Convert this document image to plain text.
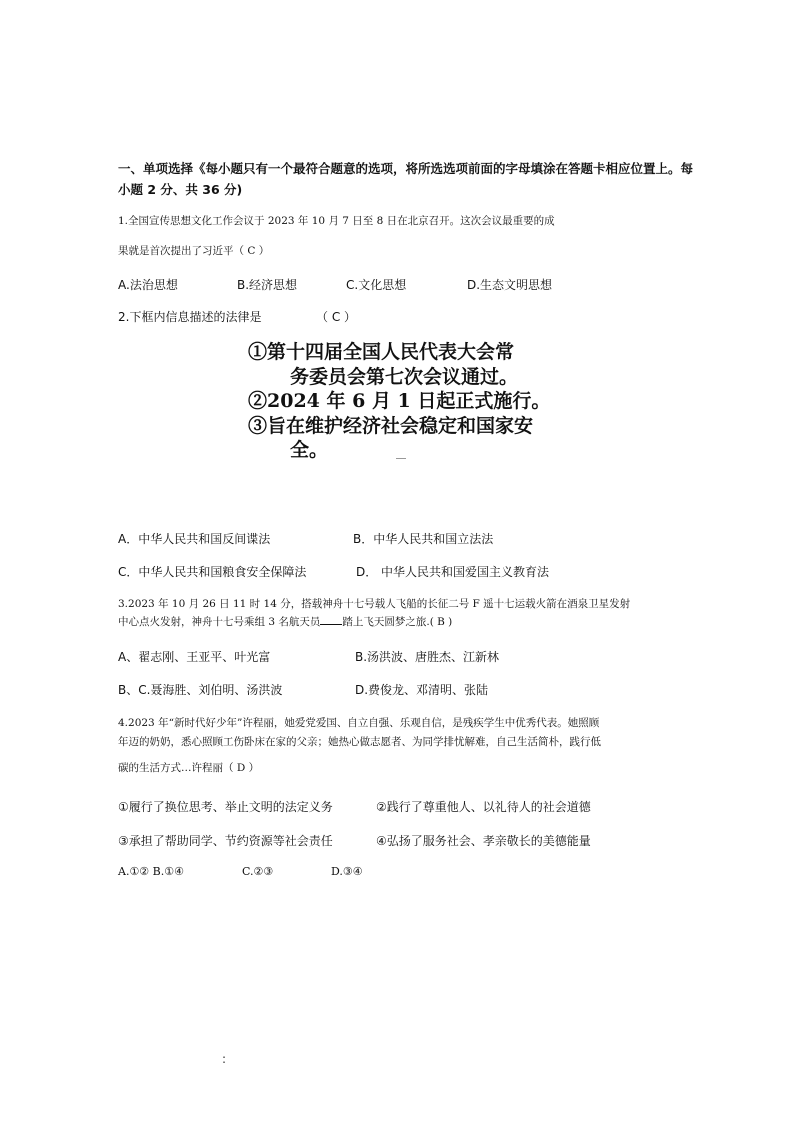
一、单项选择《每小题只有一个最符合题意的选项，将所选选项前面的字母填涂在答题卡相应位置上。每
小题 2 分、共 36 分)
1.全国宣传思想文化工作会议于 2023 年 10 月 7 日至 8 日在北京召开。这次会议最重要的成
果就是首次提出了习近平（ C ）
A.法治思想	B.经济思想	C.文化思想	D.生态文明思想
2.下框内信息描述的法律是	（ C ）
①第十四届全国人民代表大会常
务委员会第七次会议通过。
②2024 年 6 月 1 日起正式施行。
③旨在维护经济社会稳定和国家安
全。
A．中华人民共和国反间谍法	B．中华人民共和国立法法
C．中华人民共和国粮食安全保障法	D． 中华人民共和国爱国主义教育法
3.2023 年 10 月 26 日 11 时 14 分，搭载神舟十七号载人飞船的长征二号 F 遥十七运载火箭在酒泉卫星发射
中心点火发射，神舟十七号乘组 3 名航天员 踏上飞天圆梦之旅.( B )
A、翟志刚、王亚平、叶光富	B.汤洪波、唐胜杰、江新林
B、C.聂海胜、刘伯明、汤洪波	D.费俊龙、邓清明、张陆
4.2023 年“新时代好少年”许程丽，她爱党爱国、自立自强、乐观自信，是残疾学生中优秀代表。她照顾
年迈的奶奶，悉心照顾工伤卧床在家的父亲；她热心做志愿者、为同学排忧解难，自己生活简朴，践行低
碳的生活方式…许程丽（ D ）
①履行了换位思考、举止文明的法定义务	②践行了尊重他人、以礼待人的社会道德
③承担了帮助同学、节约资源等社会责任	④弘扬了服务社会、孝亲敬长的美德能量
A.①② B.①④	C.②③	D.③④
:
